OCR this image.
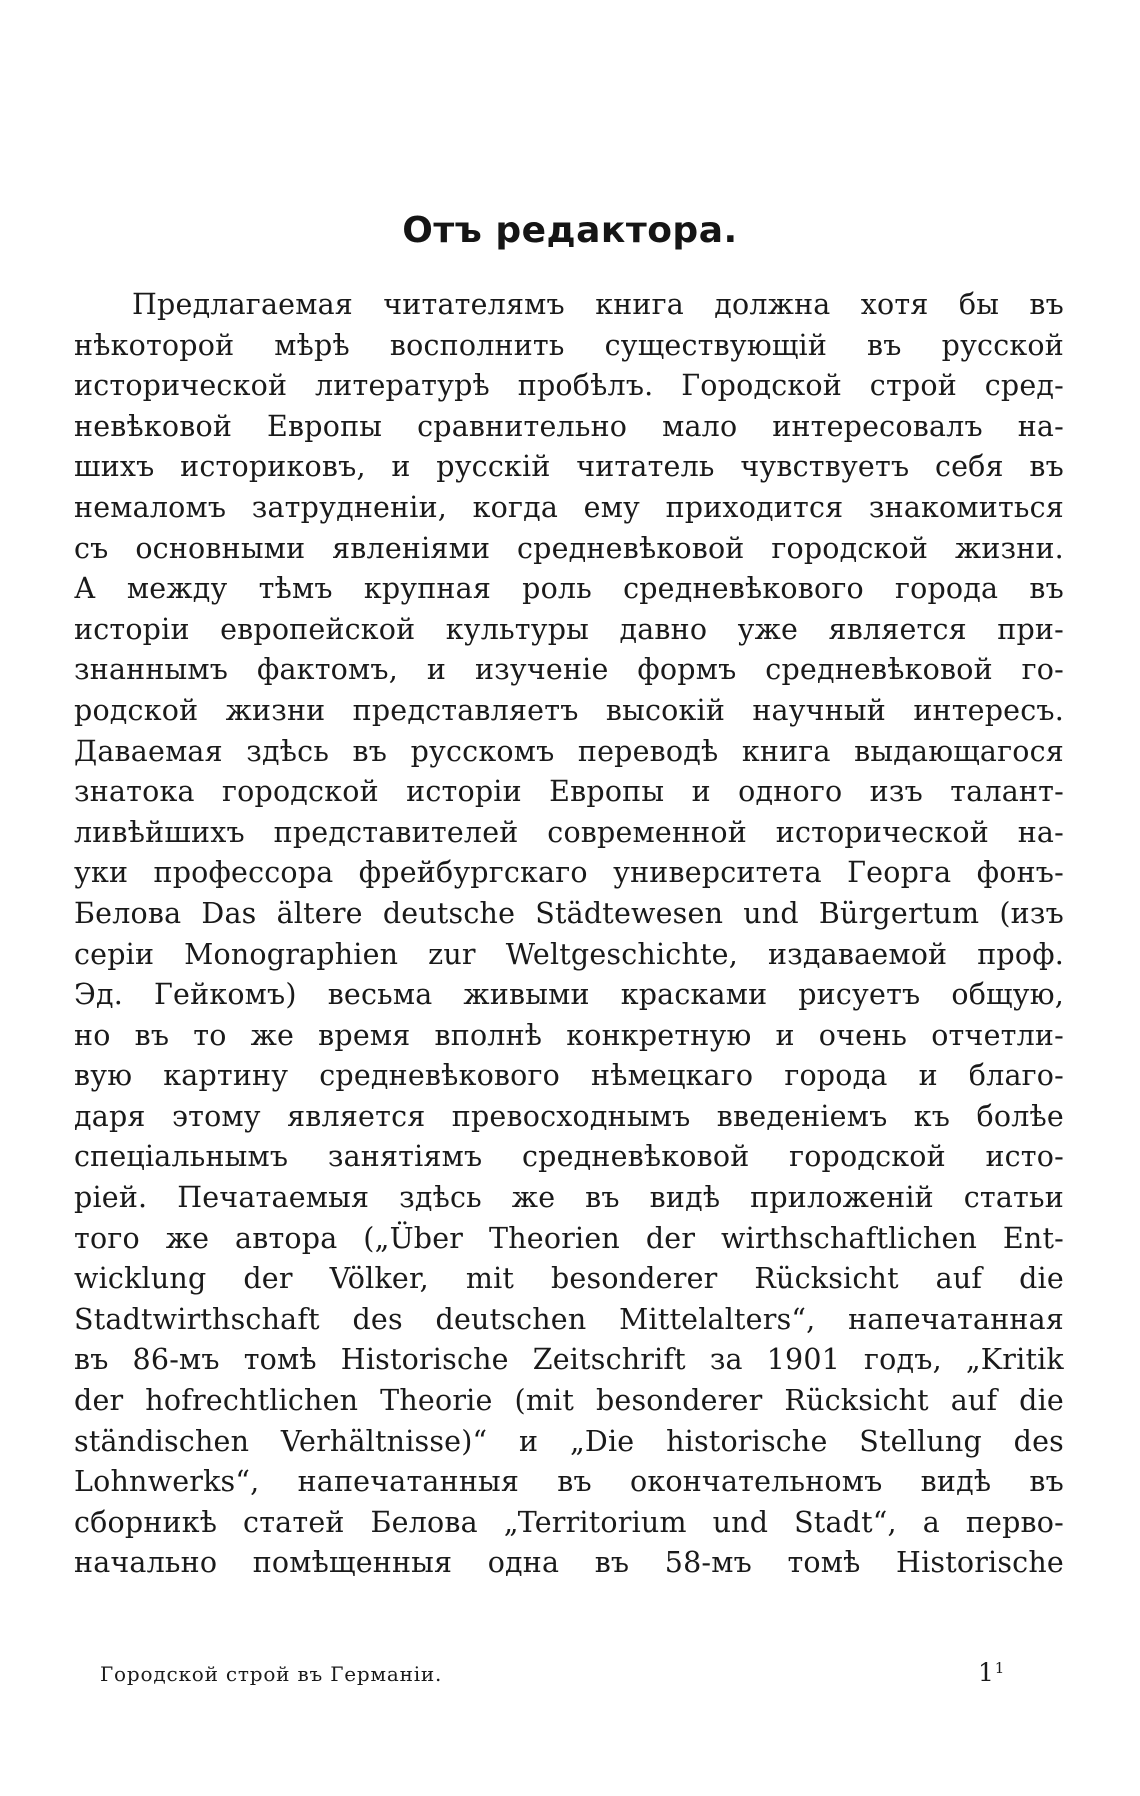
Отъ редактора.
Предлагаемая читателямъ книга должна хотя бы въ
нѣкоторой мѣрѣ восполнить существующій въ русской
исторической литературѣ пробѣлъ. Городской строй сред-
невѣковой Европы сравнительно мало интересовалъ на-
шихъ историковъ, и русскій читатель чувствуетъ себя въ
немаломъ затрудненіи, когда ему приходится знакомиться
съ основными явленіями средневѣковой городской жизни.
А между тѣмъ крупная роль средневѣкового города въ
исторіи европейской культуры давно уже является при-
знаннымъ фактомъ, и изученіе формъ средневѣковой го-
родской жизни представляетъ высокій научный интересъ.
Даваемая здѣсь въ русскомъ переводѣ книга выдающагося
знатока городской исторіи Европы и одного изъ талант-
ливѣйшихъ представителей современной исторической на-
уки профессора фрейбургскаго университета Георга фонъ-
Белова Das ältere deutsche Städtewesen und Bürgertum (изъ
серіи Monographien zur Weltgeschichte, издаваемой проф.
Эд. Гейкомъ) весьма живыми красками рисуетъ общую,
но въ то же время вполнѣ конкретную и очень отчетли-
вую картину средневѣкового нѣмецкаго города и благо-
даря этому является превосходнымъ введеніемъ къ болѣе
спеціальнымъ занятіямъ средневѣковой городской исто-
ріей. Печатаемыя здѣсь же въ видѣ приложеній статьи
того же автора („Über Theorien der wirthschaftlichen Ent-
wicklung der Völker, mit besonderer Rücksicht auf die
Stadtwirthschaft des deutschen Mittelalters“, напечатанная
въ 86-мъ томѣ Historische Zeitschrift за 1901 годъ, „Kritik
der hofrechtlichen Theorie (mit besonderer Rücksicht auf die
ständischen Verhältnisse)“ и „Die historische Stellung des
Lohnwerks“, напечатанныя въ окончательномъ видѣ въ
сборникѣ статей Белова „Territorium und Stadt“, а перво-
начально помѣщенныя одна въ 58-мъ томѣ Historische
Городской строй въ Германіи.	$1^1$
